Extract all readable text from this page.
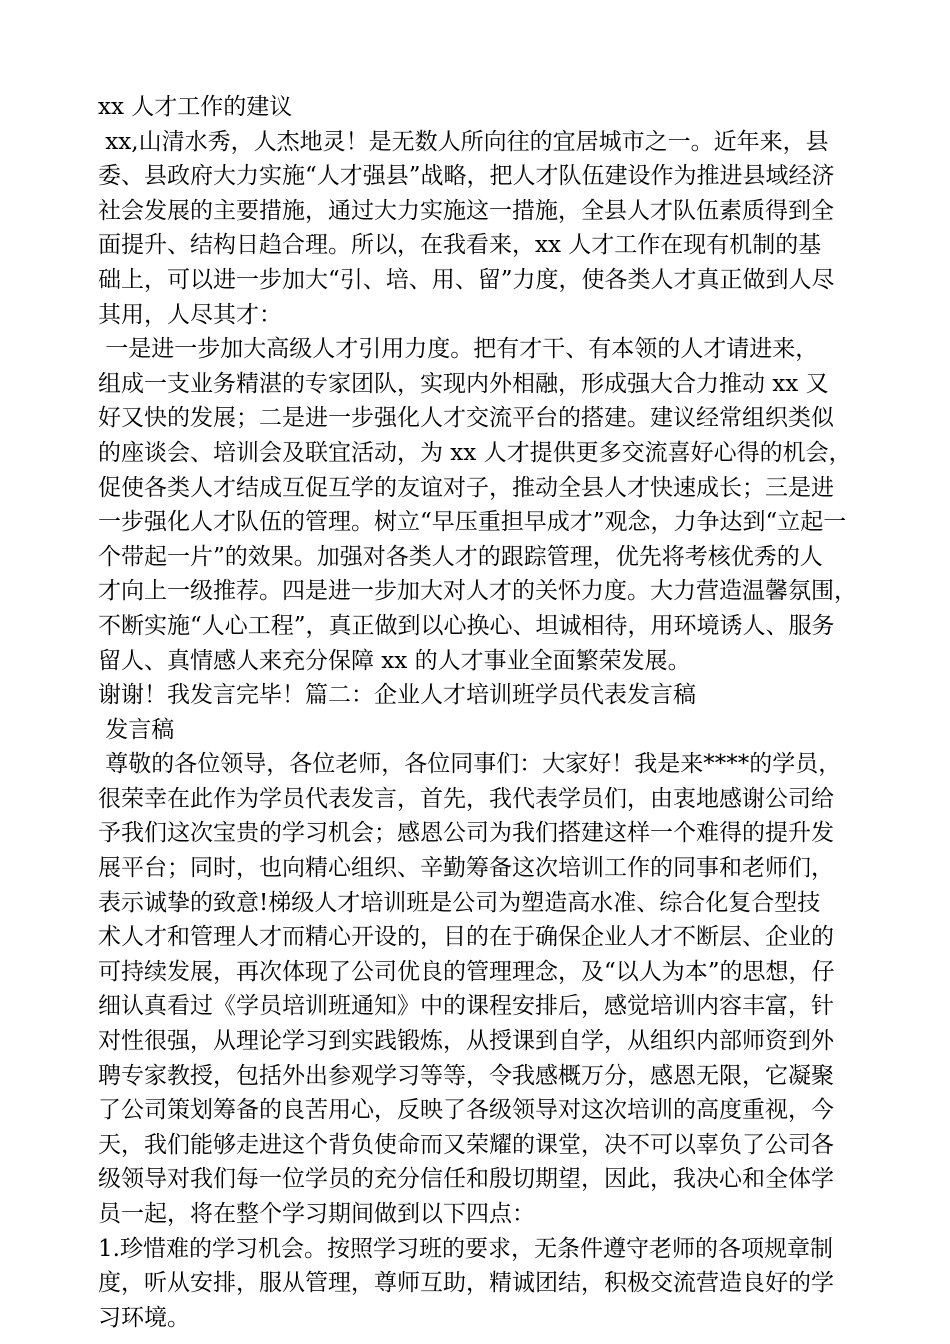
xx 人才工作的建议
xx,山清水秀，人杰地灵！是无数人所向往的宜居城市之一。近年来，县
委、县政府大力实施“人才强县”战略，把人才队伍建设作为推进县域经济
社会发展的主要措施，通过大力实施这一措施，全县人才队伍素质得到全
面提升、结构日趋合理。所以，在我看来，xx 人才工作在现有机制的基
础上，可以进一步加大“引、培、用、留”力度，使各类人才真正做到人尽
其用，人尽其才：
一是进一步加大高级人才引用力度。把有才干、有本领的人才请进来，
组成一支业务精湛的专家团队，实现内外相融，形成强大合力推动 xx 又
好又快的发展；二是进一步强化人才交流平台的搭建。建议经常组织类似
的座谈会、培训会及联宜活动，为 xx 人才提供更多交流喜好心得的机会，
促使各类人才结成互促互学的友谊对子，推动全县人才快速成长；三是进
一步强化人才队伍的管理。树立“早压重担早成才”观念，力争达到“立起一
个带起一片”的效果。加强对各类人才的跟踪管理，优先将考核优秀的人
才向上一级推荐。四是进一步加大对人才的关怀力度。大力营造温馨氛围，
不断实施“人心工程”，真正做到以心换心、坦诚相待，用环境诱人、服务
留人、真情感人来充分保障 xx 的人才事业全面繁荣发展。
谢谢！我发言完毕！篇二：企业人才培训班学员代表发言稿
发言稿
尊敬的各位领导，各位老师，各位同事们：大家好！我是来****的学员，
很荣幸在此作为学员代表发言，首先，我代表学员们，由衷地感谢公司给
予我们这次宝贵的学习机会；感恩公司为我们搭建这样一个难得的提升发
展平台；同时，也向精心组织、辛勤筹备这次培训工作的同事和老师们，
表示诚挚的致意!梯级人才培训班是公司为塑造高水准、综合化复合型技
术人才和管理人才而精心开设的，目的在于确保企业人才不断层、企业的
可持续发展，再次体现了公司优良的管理理念，及“以人为本”的思想，仔
细认真看过《学员培训班通知》中的课程安排后，感觉培训内容丰富，针
对性很强，从理论学习到实践锻炼，从授课到自学，从组织内部师资到外
聘专家教授，包括外出参观学习等等，令我感概万分，感恩无限，它凝聚
了公司策划筹备的良苦用心，反映了各级领导对这次培训的高度重视，今
天，我们能够走进这个背负使命而又荣耀的课堂，决不可以辜负了公司各
级领导对我们每一位学员的充分信任和殷切期望，因此，我决心和全体学
员一起，将在整个学习期间做到以下四点：
1.珍惜难的学习机会。按照学习班的要求，无条件遵守老师的各项规章制
度，听从安排，服从管理，尊师互助，精诚团结，积极交流营造良好的学
习环境。
